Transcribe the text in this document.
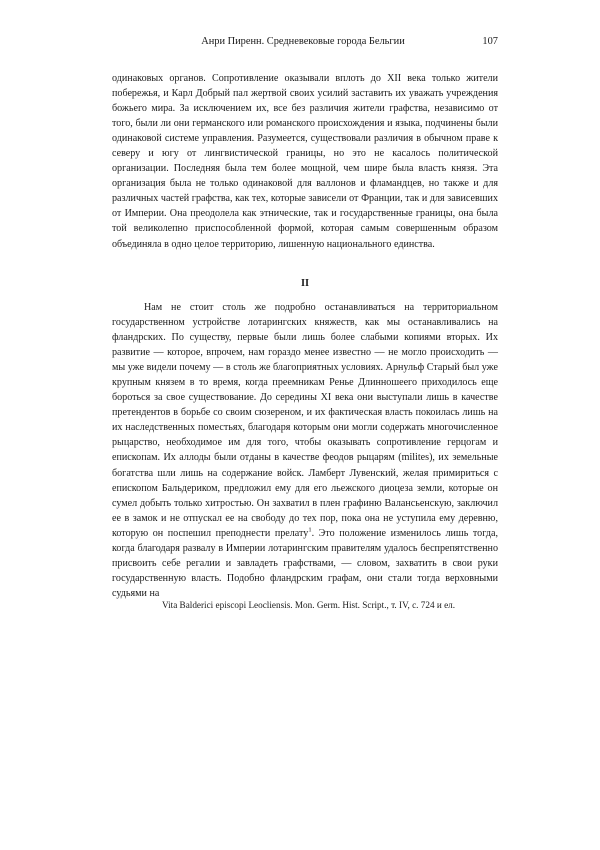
Анри Пиренн. Средневековые города Бельгии	107

одинаковых органов. Сопротивление оказывали вплоть до XII века только жители побережья, и Карл Добрый пал жертвой своих усилий заставить их уважать учреждения божьего мира. За исключением их, все без различия жители графства, независимо от того, были ли они германского или романского происхождения и языка, подчинены были одинаковой системе управления. Разумеется, существовали различия в обычном праве к северу и югу от лингвистической границы, но это не касалось политической организации. Последняя была тем более мощной, чем шире была власть князя. Эта организация была не только одинаковой для валлонов и фламандцев, но также и для различных частей графства, как тех, которые зависели от Франции, так и для зависевших от Империи. Она преодолела как этнические, так и государственные границы, она была той великолепно приспособленной формой, которая самым совершенным образом объединяла в одно целое территорию, лишенную национального единства.

II

Нам не стоит столь же подробно останавливаться на территориальном государственном устройстве лотарингских княжеств, как мы останавливались на фландрских. По существу, первые были лишь более слабыми копиями вторых. Их развитие — которое, впрочем, нам гораздо менее известно — не могло происходить — мы уже видели почему — в столь же благоприятных условиях. Арнульф Старый был уже крупным князем в то время, когда преемникам Ренье Длинношеего приходилось еще бороться за свое существование. До середины XI века они выступали лишь в качестве претендентов в борьбе со своим сюзереном, и их фактическая власть покоилась лишь на их наследственных поместьях, благодаря которым они могли содержать многочисленное рыцарство, необходимое им для того, чтобы оказывать сопротивление герцогам и епископам. Их аллоды были отданы в качестве феодов рыцарям (milites), их земельные богатства шли лишь на содержание войск. Ламберт Лувенский, желая примириться с епископом Бальдериком, предложил ему для его льежского диоцеза земли, которые он сумел добыть только хитростью. Он захватил в плен графиню Валансьенскую, заключил ее в замок и не отпускал ее на свободу до тех пор, пока она не уступила ему деревню, которую он поспешил преподнести прелату$^1$. Это положение изменилось лишь тогда, когда благодаря развалу в Империи лотарингским правителям удалось беспрепятственно присвоить себе регалии и завладеть графствами, — словом, захватить в свои руки государственную власть. Подобно фландрским графам, они стали тогда верховными судьями на

Vita Balderici episcopi Leocliensis. Mon. Germ. Hist. Script., т. IV, с. 724 и ел.
